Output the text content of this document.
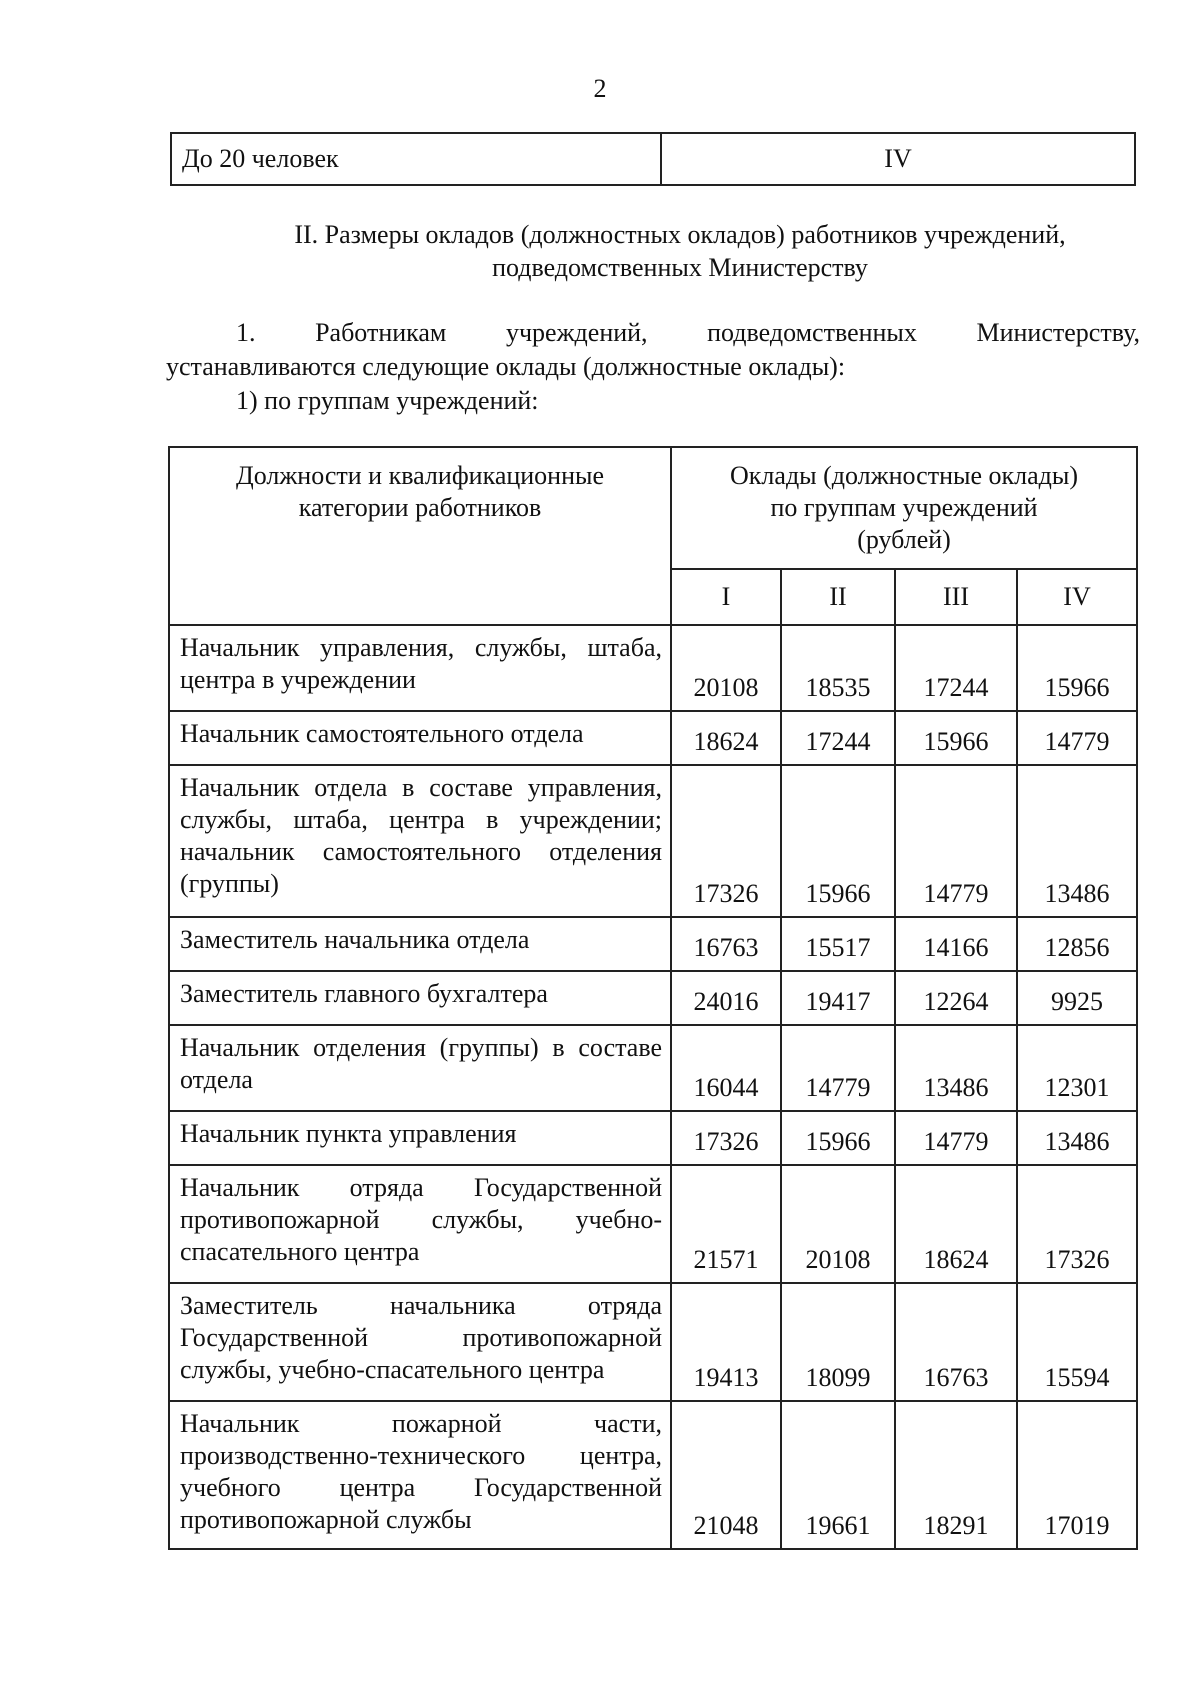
2
До 20 человек	IV
II. Размеры окладов (должностных окладов) работников учреждений,
подведомственных Министерству
1. Работникам учреждений, подведомственных Министерству,
устанавливаются следующие оклады (должностные оклады):
1) по группам учреждений:
Должности и квалификационные категории работников	Оклады (должностные оклады) по группам учреждений (рублей)			
	I	II	III	IV
Начальник управления, службы, штаба, центра в учреждении	20108	18535	17244	15966
Начальник самостоятельного отдела	18624	17244	15966	14779
Начальник отдела в составе управления, службы, штаба, центра в учреждении; начальник самостоятельного отделения (группы)	17326	15966	14779	13486
Заместитель начальника отдела	16763	15517	14166	12856
Заместитель главного бухгалтера	24016	19417	12264	9925
Начальник отделения (группы) в составе отдела	16044	14779	13486	12301
Начальник пункта управления	17326	15966	14779	13486
Начальник отряда Государственной противопожарной службы, учебно-спасательного центра	21571	20108	18624	17326
Заместитель начальника отряда Государственной противопожарной службы, учебно-спасательного центра	19413	18099	16763	15594
Начальник пожарной части, производственно-технического центра, учебного центра Государственной противопожарной службы	21048	19661	18291	17019
